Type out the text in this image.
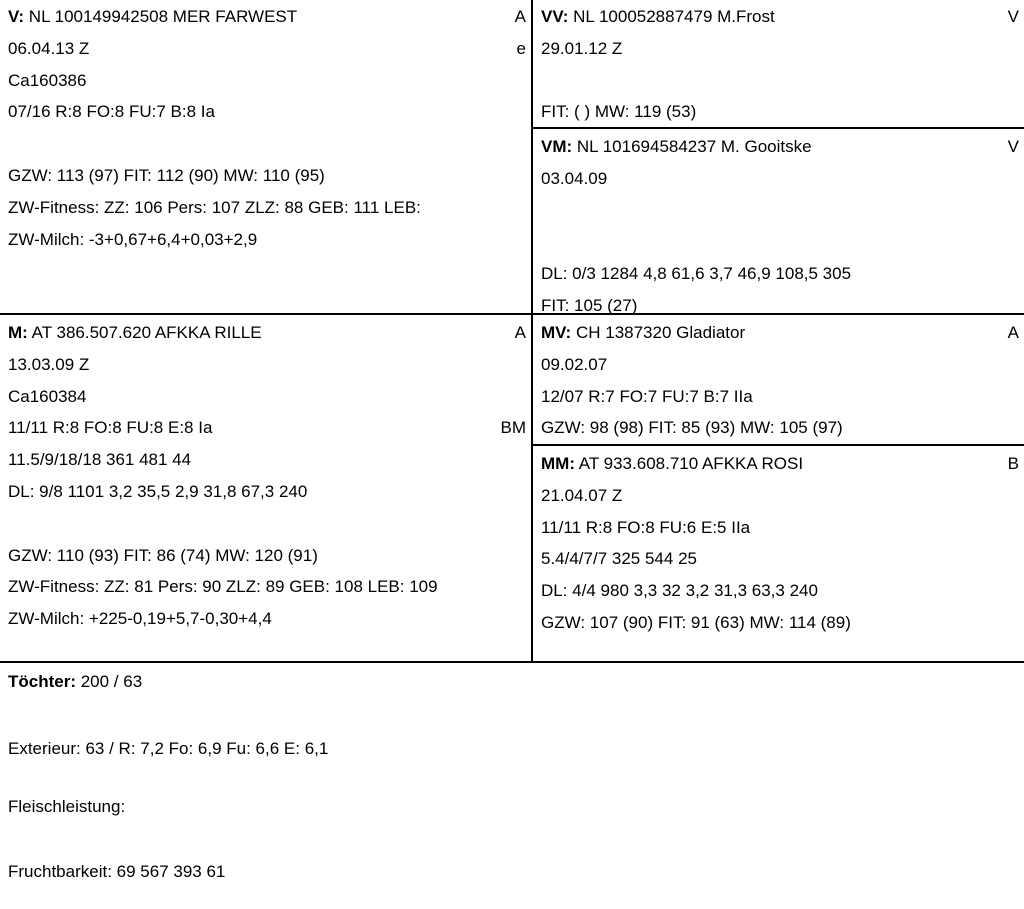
V: NL 100149942508 MER FARWEST	A
06.04.13 Z	e
Ca160386
07/16 R:8 FO:8 FU:7 B:8 Ia
GZW: 113 (97) FIT: 112 (90) MW: 110 (95)
ZW-Fitness: ZZ: 106 Pers: 107 ZLZ: 88 GEB: 111 LEB:
ZW-Milch: -3+0,67+6,4+0,03+2,9
M: AT 386.507.620 AFKKA RILLE	A
13.03.09 Z
Ca160384
11/11 R:8 FO:8 FU:8 E:8 Ia	BM
11.5/9/18/18 361 481 44
DL: 9/8 1101 3,2 35,5 2,9 31,8 67,3 240
GZW: 110 (93) FIT: 86 (74) MW: 120 (91)
ZW-Fitness: ZZ: 81 Pers: 90 ZLZ: 89 GEB: 108 LEB: 109
ZW-Milch: +225-0,19+5,7-0,30+4,4
VV: NL 100052887479 M.Frost	V
29.01.12 Z
FIT: ( ) MW: 119 (53)
VM: NL 101694584237 M. Gooitske	V
03.04.09
DL: 0/3 1284 4,8 61,6 3,7 46,9 108,5 305
FIT: 105 (27)
MV: CH 1387320 Gladiator	A
09.02.07
12/07 R:7 FO:7 FU:7 B:7 IIa
GZW: 98 (98) FIT: 85 (93) MW: 105 (97)
MM: AT 933.608.710 AFKKA ROSI	B
21.04.07 Z
11/11 R:8 FO:8 FU:6 E:5 IIa
5.4/4/7/7 325 544 25
DL: 4/4 980 3,3 32 3,2 31,3 63,3 240
GZW: 107 (90) FIT: 91 (63) MW: 114 (89)
Töchter: 200 / 63
Exterieur: 63 / R: 7,2 Fo: 6,9 Fu: 6,6 E: 6,1
Fleischleistung:
Fruchtbarkeit: 69 567 393 61
